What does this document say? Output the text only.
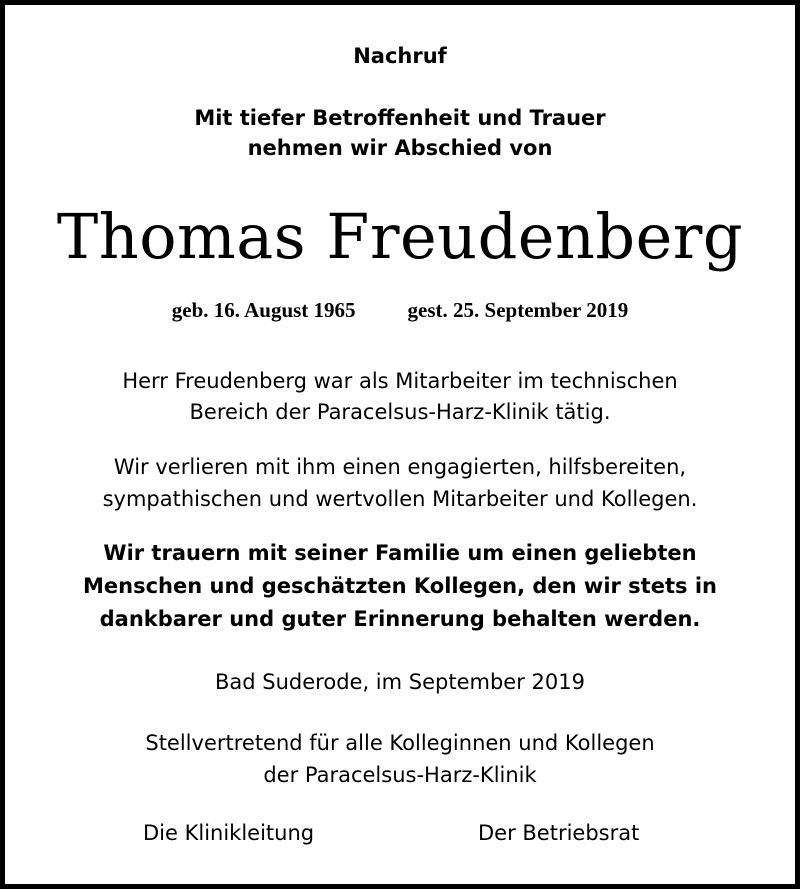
Nachruf
Mit tiefer Betroffenheit und Trauer
nehmen wir Abschied von
Thomas Freudenberg
geb. 16. August 1965 gest. 25. September 2019
Herr Freudenberg war als Mitarbeiter im technischen
Bereich der Paracelsus-Harz-Klinik tätig.
Wir verlieren mit ihm einen engagierten, hilfsbereiten,
sympathischen und wertvollen Mitarbeiter und Kollegen.
Wir trauern mit seiner Familie um einen geliebten
Menschen und geschätzten Kollegen, den wir stets in
dankbarer und guter Erinnerung behalten werden.
Bad Suderode, im September 2019
Stellvertretend für alle Kolleginnen und Kollegen
der Paracelsus-Harz-Klinik
Die Klinikleitung	Der Betriebsrat
